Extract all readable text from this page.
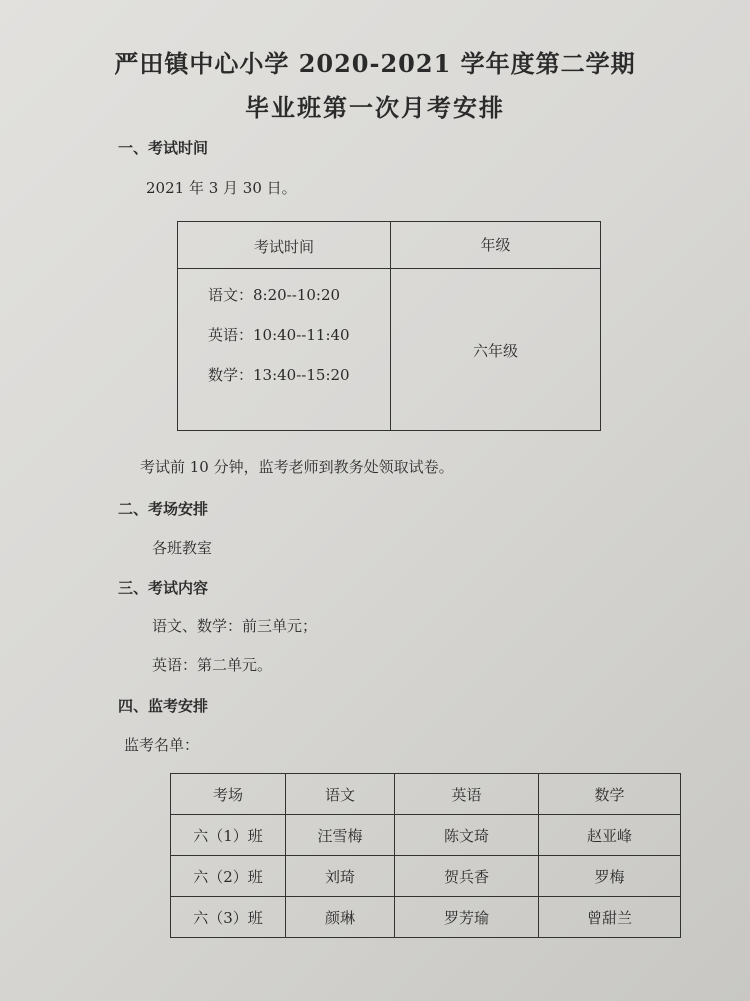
严田镇中心小学 2020-2021 学年度第二学期
毕业班第一次月考安排
一、考试时间
2021 年 3 月 30 日。
考试时间	年级
语文：8:20--10:20
英语：10:40--11:40
数学：13:40--15:20
六年级
考试前 10 分钟，监考老师到教务处领取试卷。
二、考场安排
各班教室
三、考试内容
语文、数学：前三单元；
英语：第二单元。
四、监考安排
监考名单：
考场	语文	英语	数学
六（1）班	汪雪梅	陈文琦	赵亚峰
六（2）班	刘琦	贺兵香	罗梅
六（3）班	颜琳	罗芳瑜	曾甜兰
